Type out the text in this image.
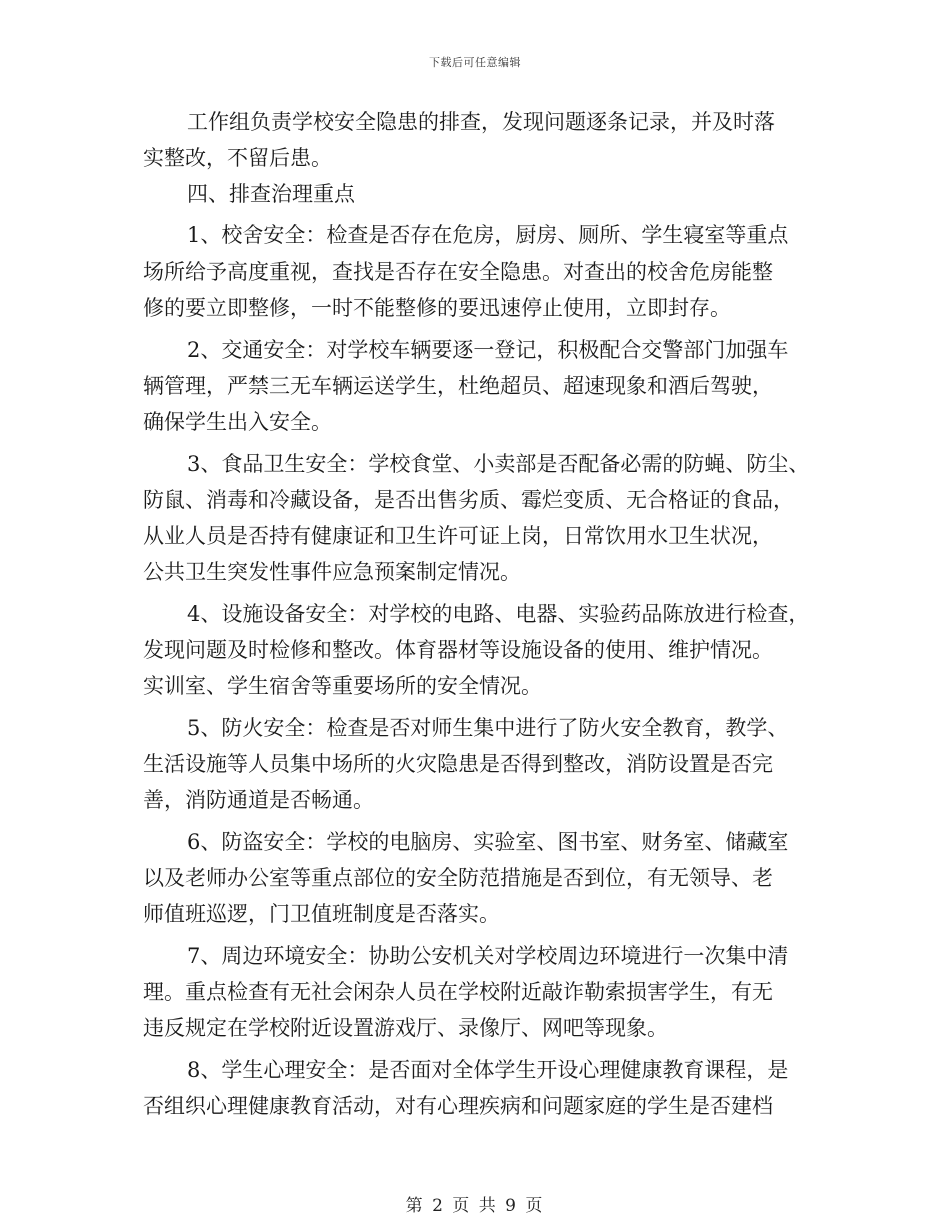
下载后可任意编辑
工作组负责学校安全隐患的排查，发现问题逐条记录，并及时落
实整改，不留后患。
四、排查治理重点
1、校舍安全：检查是否存在危房，厨房、厕所、学生寝室等重点
场所给予高度重视，查找是否存在安全隐患。对查出的校舍危房能整
修的要立即整修，一时不能整修的要迅速停止使用，立即封存。
2、交通安全：对学校车辆要逐一登记，积极配合交警部门加强车
辆管理，严禁三无车辆运送学生，杜绝超员、超速现象和酒后驾驶，
确保学生出入安全。
3、食品卫生安全：学校食堂、小卖部是否配备必需的防蝇、防尘、
防鼠、消毒和冷藏设备，是否出售劣质、霉烂变质、无合格证的食品，
从业人员是否持有健康证和卫生许可证上岗，日常饮用水卫生状况，
公共卫生突发性事件应急预案制定情况。
4、设施设备安全：对学校的电路、电器、实验药品陈放进行检查，
发现问题及时检修和整改。体育器材等设施设备的使用、维护情况。
实训室、学生宿舍等重要场所的安全情况。
5、防火安全：检查是否对师生集中进行了防火安全教育，教学、
生活设施等人员集中场所的火灾隐患是否得到整改，消防设置是否完
善，消防通道是否畅通。
6、防盗安全：学校的电脑房、实验室、图书室、财务室、储藏室
以及老师办公室等重点部位的安全防范措施是否到位，有无领导、老
师值班巡逻，门卫值班制度是否落实。
7、周边环境安全：协助公安机关对学校周边环境进行一次集中清
理。重点检查有无社会闲杂人员在学校附近敲诈勒索损害学生，有无
违反规定在学校附近设置游戏厅、录像厅、网吧等现象。
8、学生心理安全：是否面对全体学生开设心理健康教育课程，是
否组织心理健康教育活动，对有心理疾病和问题家庭的学生是否建档
第 2 页 共 9 页
